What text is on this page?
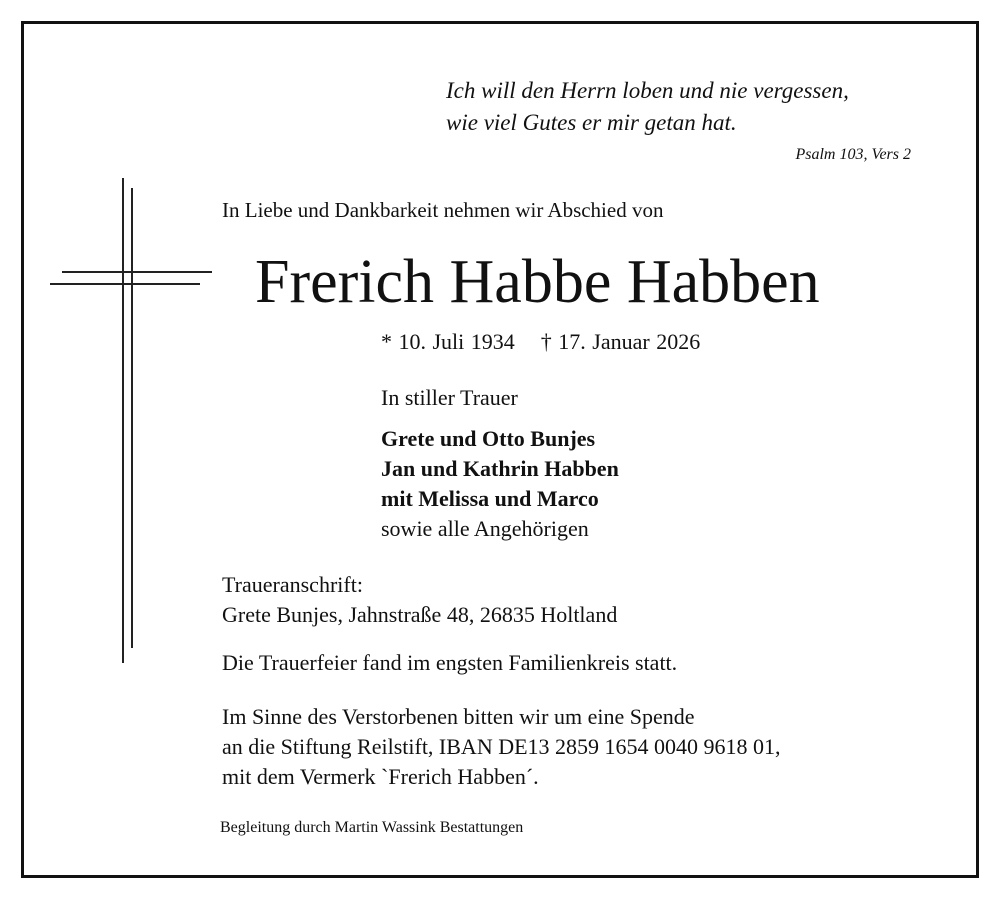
Ich will den Herrn loben und nie vergessen,
wie viel Gutes er mir getan hat.
Psalm 103, Vers 2
In Liebe und Dankbarkeit nehmen wir Abschied von
Frerich Habbe Habben
* 10. Juli 1934 † 17. Januar 2026
In stiller Trauer
Grete und Otto Bunjes
Jan und Kathrin Habben
mit Melissa und Marco
sowie alle Angehörigen
Traueranschrift:
Grete Bunjes, Jahnstraße 48, 26835 Holtland
Die Trauerfeier fand im engsten Familienkreis statt.
Im Sinne des Verstorbenen bitten wir um eine Spende
an die Stiftung Reilstift, IBAN DE13 2859 1654 0040 9618 01,
mit dem Vermerk `Frerich Habben´.
Begleitung durch Martin Wassink Bestattungen
